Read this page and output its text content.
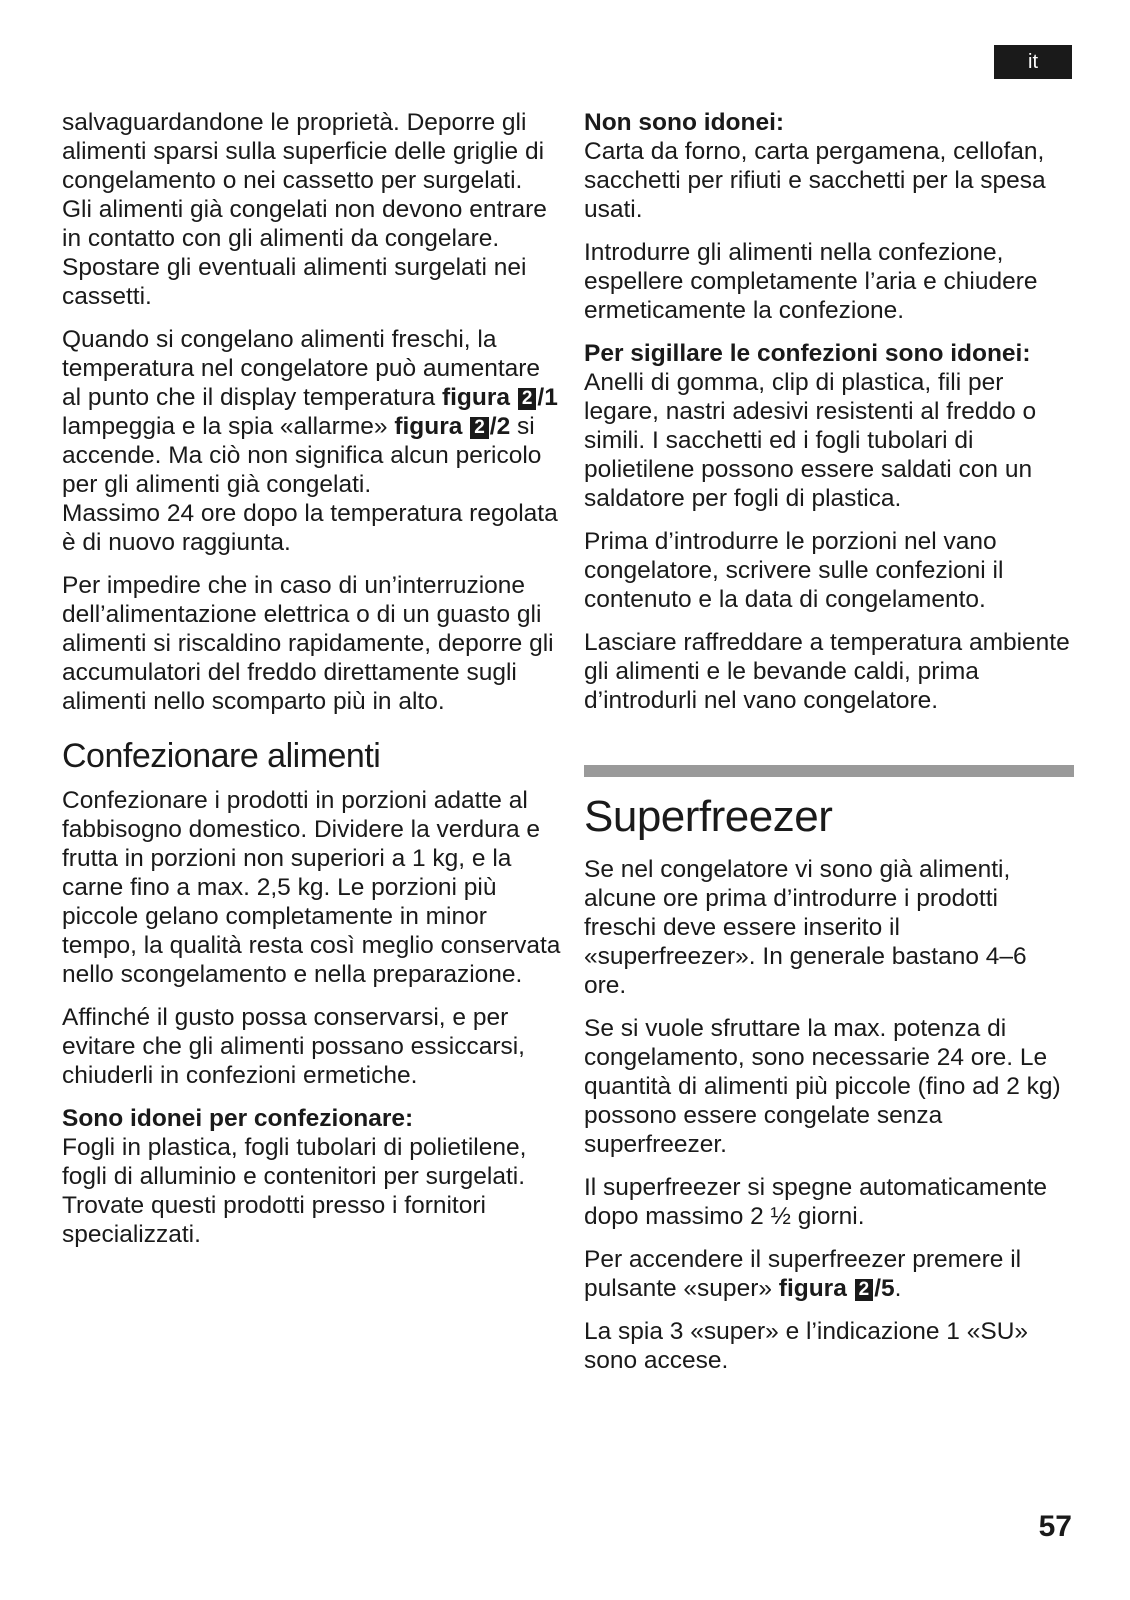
it

salvaguardandone le proprietà. Deporre gli alimenti sparsi sulla superficie delle griglie di congelamento o nei cassetto per surgelati.

Gli alimenti già congelati non devono entrare in contatto con gli alimenti da congelare. Spostare gli eventuali alimenti surgelati nei cassetti.

Quando si congelano alimenti freschi, la temperatura nel congelatore può aumentare al punto che il display temperatura figura 2 /1 lampeggia e la spia «allarme» figura 2 /2 si accende. Ma ciò non significa alcun pericolo per gli alimenti già congelati.

Massimo 24 ore dopo la temperatura regolata è di nuovo raggiunta.

Per impedire che in caso di un’interruzione dell’alimentazione elettrica o di un guasto gli alimenti si riscaldino rapidamente, deporre gli accumulatori del freddo direttamente sugli alimenti nello scomparto più in alto.

Confezionare alimenti

Confezionare i prodotti in porzioni adatte al fabbisogno domestico. Dividere la verdura e frutta in porzioni non superiori a 1 kg, e la carne fino a max. 2,5 kg. Le porzioni più piccole gelano completamente in minor tempo, la qualità resta così meglio conservata nello scongelamento e nella preparazione.

Affinché il gusto possa conservarsi, e per evitare che gli alimenti possano essiccarsi, chiuderli in confezioni ermetiche.

Sono idonei per confezionare:

Fogli in plastica, fogli tubolari di polietilene, fogli di alluminio e contenitori per surgelati. Trovate questi prodotti presso i fornitori specializzati.

Non sono idonei:

Carta da forno, carta pergamena, cellofan, sacchetti per rifiuti e sacchetti per la spesa usati.

Introdurre gli alimenti nella confezione, espellere completamente l’aria e chiudere ermeticamente la confezione.

Per sigillare le confezioni sono idonei:

Anelli di gomma, clip di plastica, fili per legare, nastri adesivi resistenti al freddo o simili. I sacchetti ed i fogli tubolari di polietilene possono essere saldati con un saldatore per fogli di plastica.

Prima d’introdurre le porzioni nel vano congelatore, scrivere sulle confezioni il contenuto e la data di congelamento.

Lasciare raffreddare a temperatura ambiente gli alimenti e le bevande caldi, prima d’introdurli nel vano congelatore.

Superfreezer

Se nel congelatore vi sono già alimenti, alcune ore prima d’introdurre i prodotti freschi deve essere inserito il «superfreezer». In generale bastano 4–6 ore.

Se si vuole sfruttare la max. potenza di congelamento, sono necessarie 24 ore. Le quantità di alimenti più piccole (fino ad 2 kg) possono essere congelate senza superfreezer.

Il superfreezer si spegne automaticamente dopo massimo 2 ½ giorni.

Per accendere il superfreezer premere il pulsante «super» figura 2 /5.

La spia 3 «super» e l’indicazione 1 «SU» sono accese.

57
